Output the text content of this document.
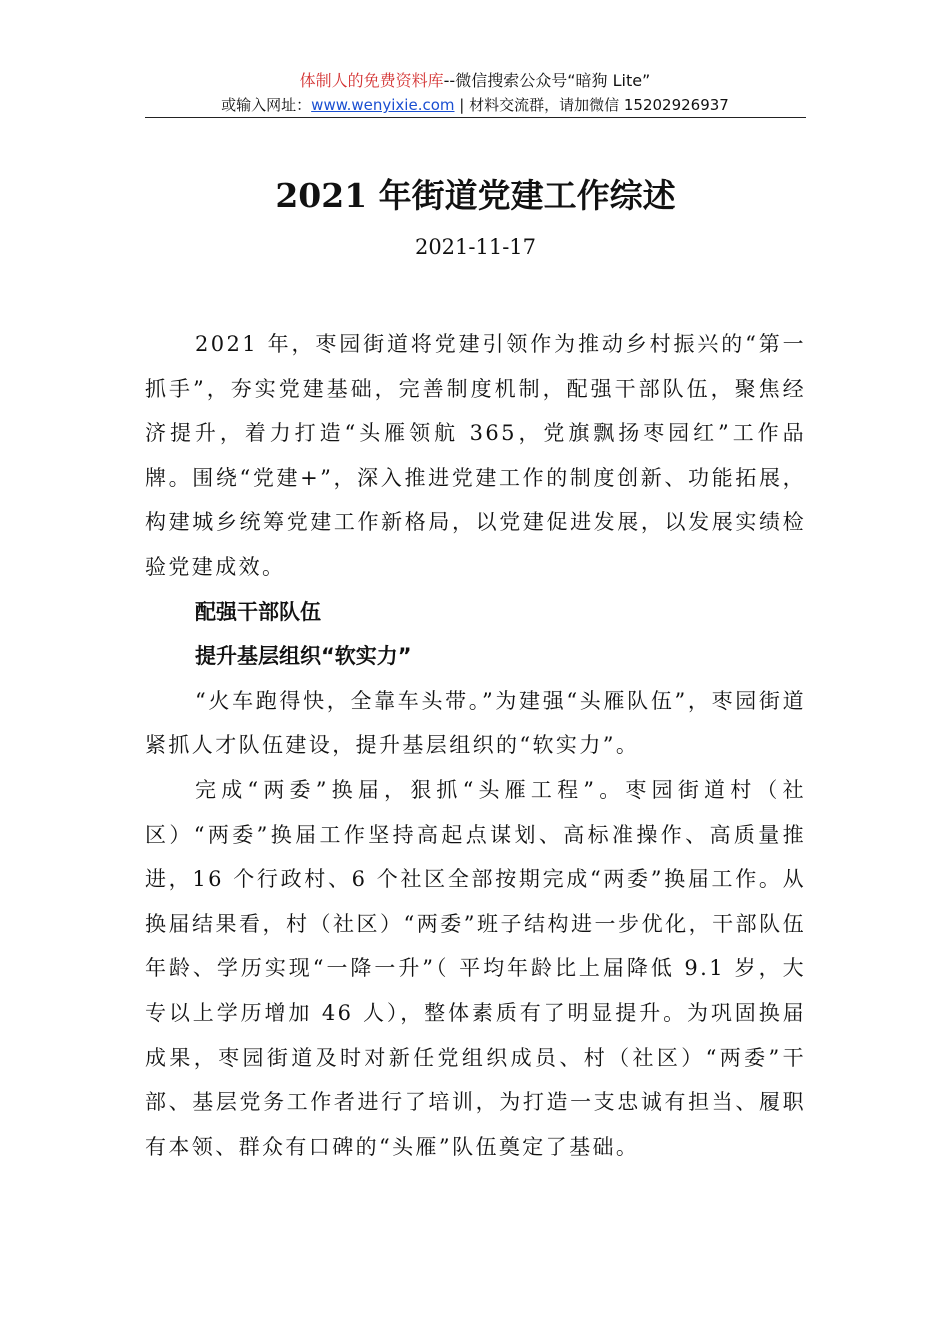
体制人的免费资料库--微信搜索公众号“暗狗 Lite”
或输入网址：www.wenyixie.com | 材料交流群，请加微信 15202926937
2021 年街道党建工作综述
2021-11-17

2021 年，枣园街道将党建引领作为推动乡村振兴的“第一抓手”，夯实党建基础，完善制度机制，配强干部队伍，聚焦经济提升，着力打造“头雁领航 365，党旗飘扬枣园红”工作品牌。围绕“党建+”，深入推进党建工作的制度创新、功能拓展，构建城乡统筹党建工作新格局，以党建促进发展，以发展实绩检验党建成效。

配强干部队伍

提升基层组织“软实力”

“火车跑得快，全靠车头带。”为建强“头雁队伍”，枣园街道紧抓人才队伍建设，提升基层组织的“软实力”。

完成“两委”换届，狠抓“头雁工程”。枣园街道村（社区）“两委”换届工作坚持高起点谋划、高标准操作、高质量推进，16 个行政村、6 个社区全部按期完成“两委”换届工作。从换届结果看，村（社区）“两委”班子结构进一步优化，干部队伍年龄、学历实现“一降一升”（ 平均年龄比上届降低 9.1 岁，大专以上学历增加 46 人），整体素质有了明显提升。为巩固换届成果，枣园街道及时对新任党组织成员、村（社区）“两委”干部、基层党务工作者进行了培训，为打造一支忠诚有担当、履职有本领、群众有口碑的“头雁”队伍奠定了基础。
